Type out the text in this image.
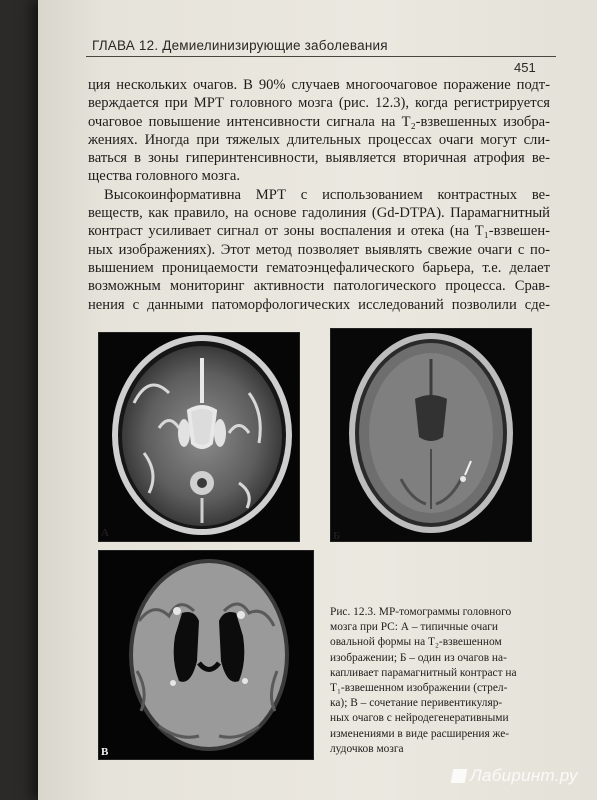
ГЛАВА 12. Демиелинизирующие заболевания
451
ция нескольких очагов. В 90% случаев многоочаговое поражение подт-
верждается при МРТ головного мозга (рис. 12.3), когда регистрируется
очаговое повышение интенсивности сигнала на T₂-взвешенных изобра-
жениях. Иногда при тяжелых длительных процессах очаги могут сли-
ваться в зоны гиперинтенсивности, выявляется вторичная атрофия ве-
щества головного мозга.
Высокоинформативна МРТ с использованием контрастных ве-
веществ, как правило, на основе гадолиния (Gd-DTPA). Парамагнитный
контраст усиливает сигнал от зоны воспаления и отека (на T₁-взвешен-
ных изображениях). Этот метод позволяет выявлять свежие очаги с по-
вышением проницаемости гематоэнцефалического барьера, т.е. делает
возможным мониторинг активности патологического процесса. Срав-
нения с данными патоморфологических исследований позволили сде-
А	Б
В
Рис. 12.3. МР-томограммы головного
мозга при РС: А – типичные очаги
овальной формы на T₂-взвешенном
изображении; Б – один из очагов на-
капливает парамагнитный контраст на
T₁-взвешенном изображении (стрел-
ка); В – сочетание перивентикуляр-
ных очагов с нейродегенеративными
изменениями в виде расширения же-
лудочков мозга
Лабиринт.ру
